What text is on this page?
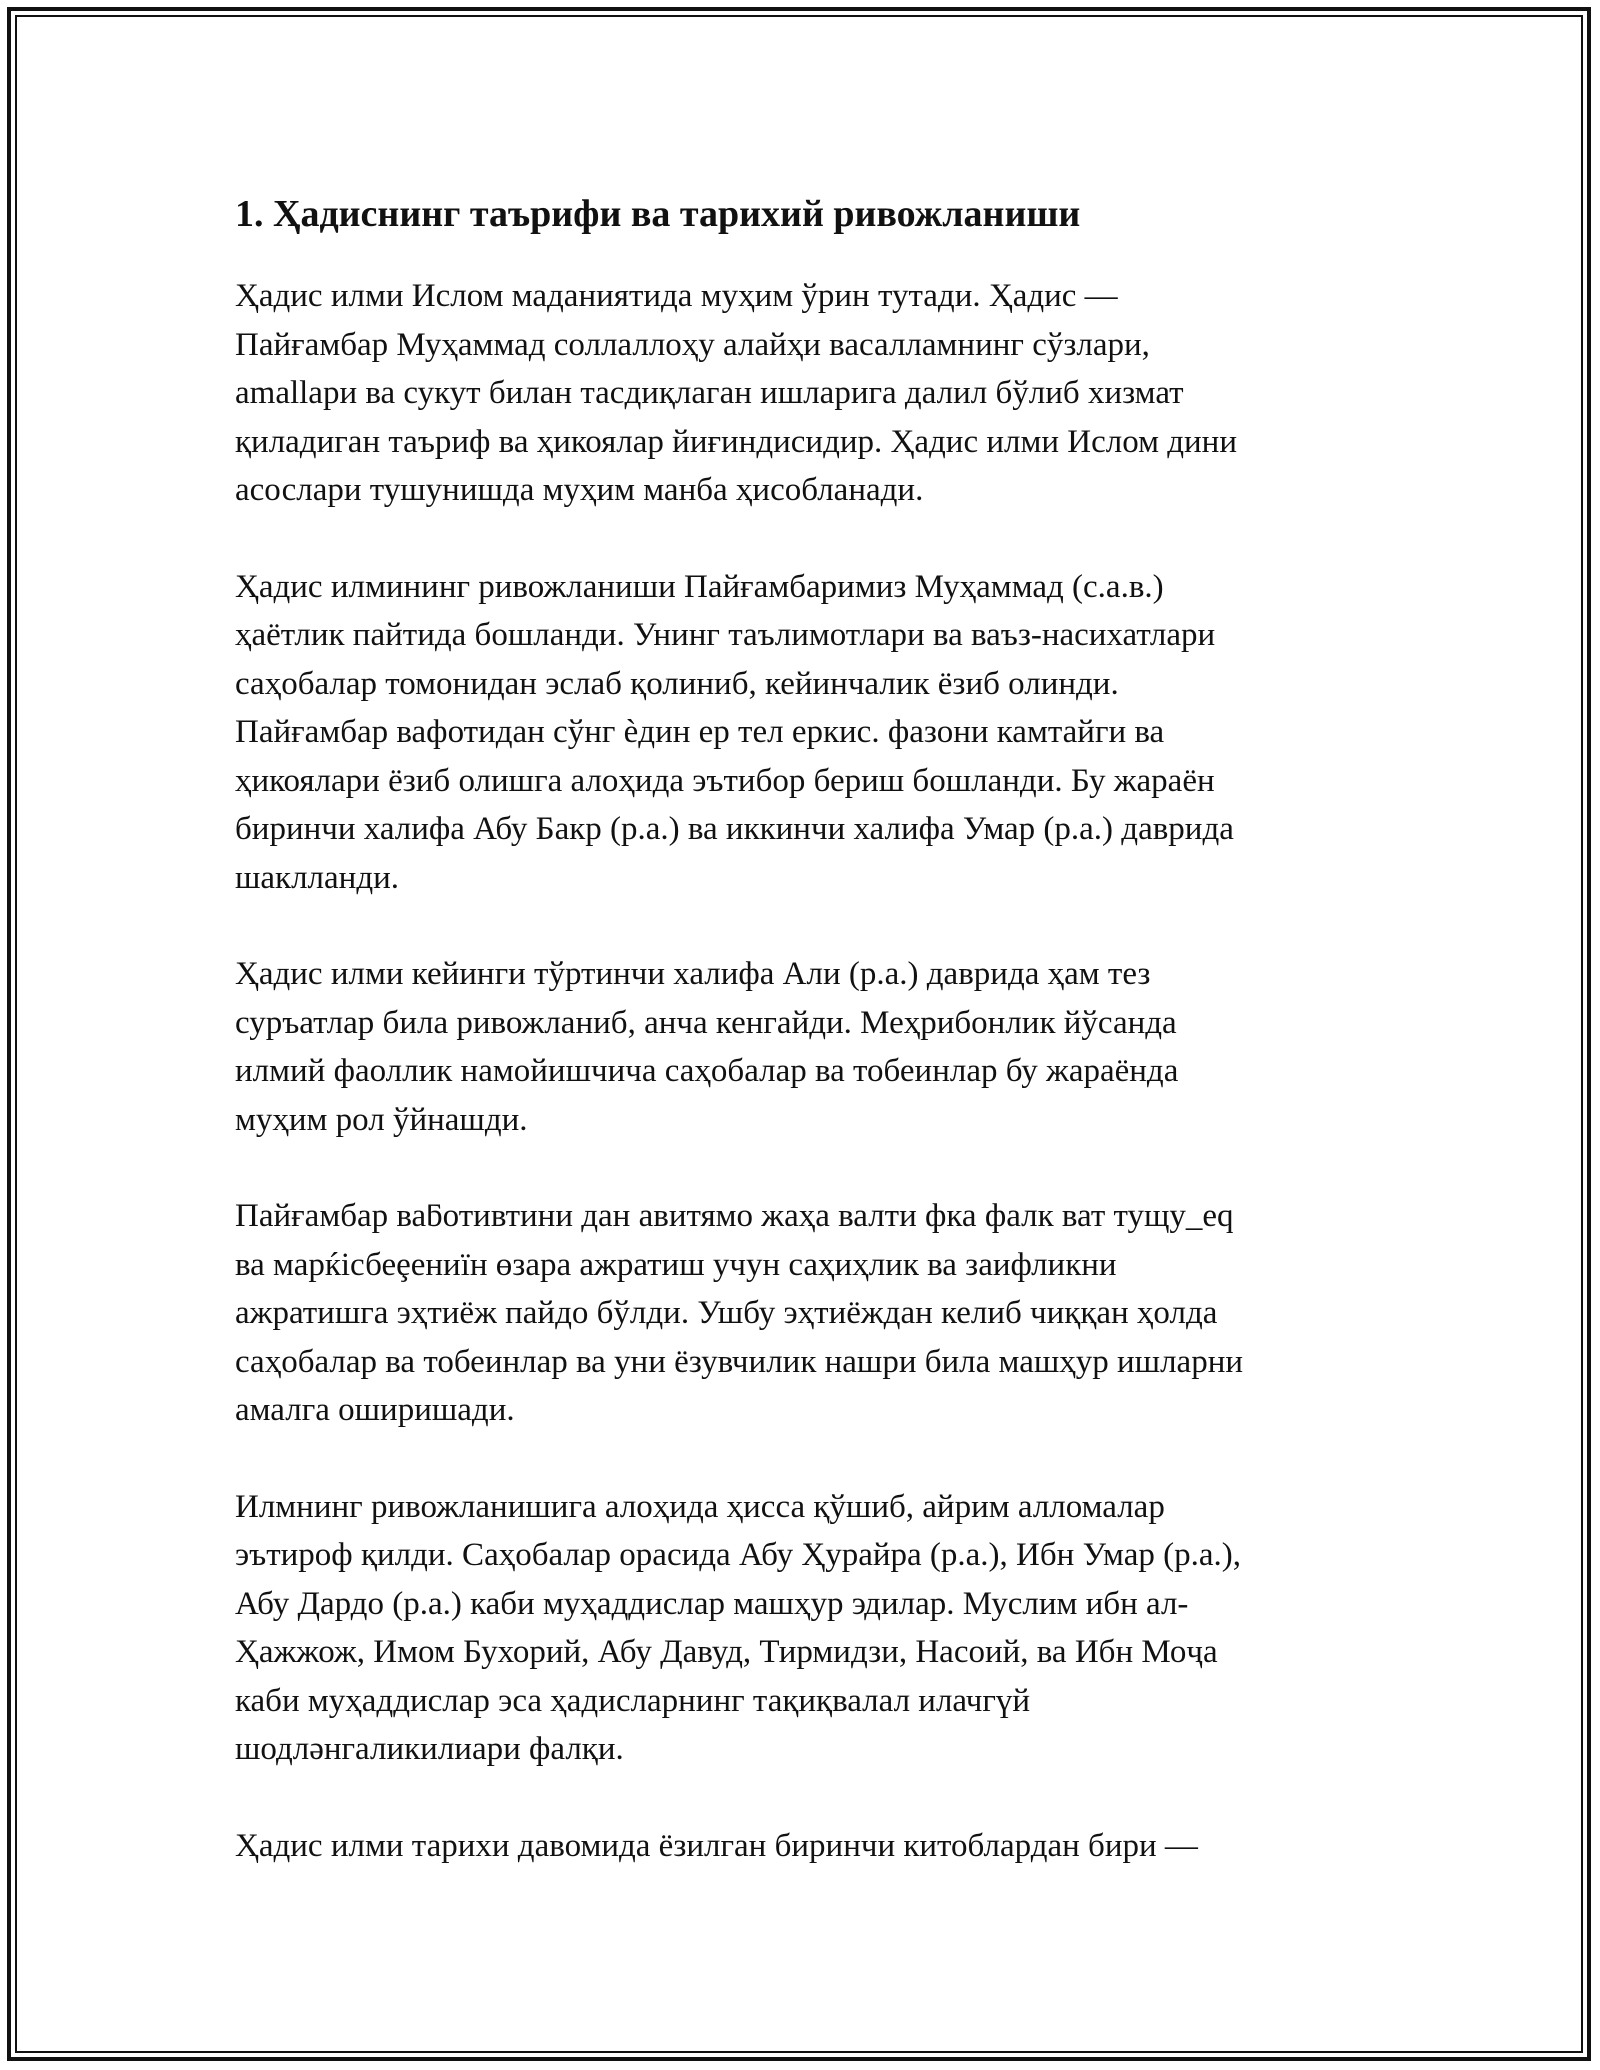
1. Ҳадиснинг таърифи ва тарихий ривожланиши

Ҳадис илми Ислом маданиятида муҳим ўрин тутади. Ҳадис —
Пайғамбар Муҳаммад соллаллоҳу алайҳи васалламнинг сўзлари,
amallари ва сукут билан тасдиқлаган ишларига далил бўлиб хизмат
қиладиган таъриф ва ҳикоялар йиғиндисидир. Ҳадис илми Ислом дини
асослари тушунишда муҳим манба ҳисобланади.

Ҳадис илмининг ривожланиши Пайғамбаримиз Муҳаммад (с.а.в.)
ҳаётлик пайтида бошланди. Унинг таълимотлари ва ваъз-насихатлари
саҳобалар томонидан эслаб қолиниб, кейинчалик ёзиб олинди.
Пайғамбар вафотидан сўнг ѐдин ер тел еркис. фазони камтайги ва
ҳикоялари ёзиб олишга алоҳида эътибор бериш бошланди. Бу жараён
биринчи халифа Абу Бакр (р.а.) ва иккинчи халифа Умар (р.а.) даврида
шаклланди.

Ҳадис илми кейинги тўртинчи халифа Али (р.а.) даврида ҳам тез
суръатлар била ривожланиб, анча кенгайди. Меҳрибонлик йўсанда
илмий фаоллик намойишчича саҳобалар ва тобеинлар бу жараёнда
муҳим рол ўйнашди.

Пайғамбар ваƃотивтини дан авитямо жаҳа валти фка фалк ват тущу_eq
ва марќісбеȩениїн өзара ажратиш учун саҳиҳлик ва заифликни
ажратишга эҳтиёж пайдо бўлди. Ушбу эҳтиёждан келиб чиққан ҳолда
саҳобалар ва тобеинлар ва уни ёзувчилик нашри била машҳур ишларни
амалга оширишади.

Илмнинг ривожланишига алоҳида ҳисса қўшиб, айрим алломалар
эътироф қилди. Саҳобалар орасида Абу Ҳурайра (р.а.), Ибн Умар (р.а.),
Абу Дардо (р.а.) каби муҳаддислар машҳур эдилар. Муслим ибн ал-
Ҳажжож, Имом Бухорий, Абу Давуд, Тирмидзи, Насоий, ва Ибн Моҷа
каби муҳаддислар эса ҳадисларнинг тақиқвалал илачгүй
шодләнгаликилиари фалқи.

Ҳадис илми тарихи давомида ёзилган биринчи китоблардан бири —
